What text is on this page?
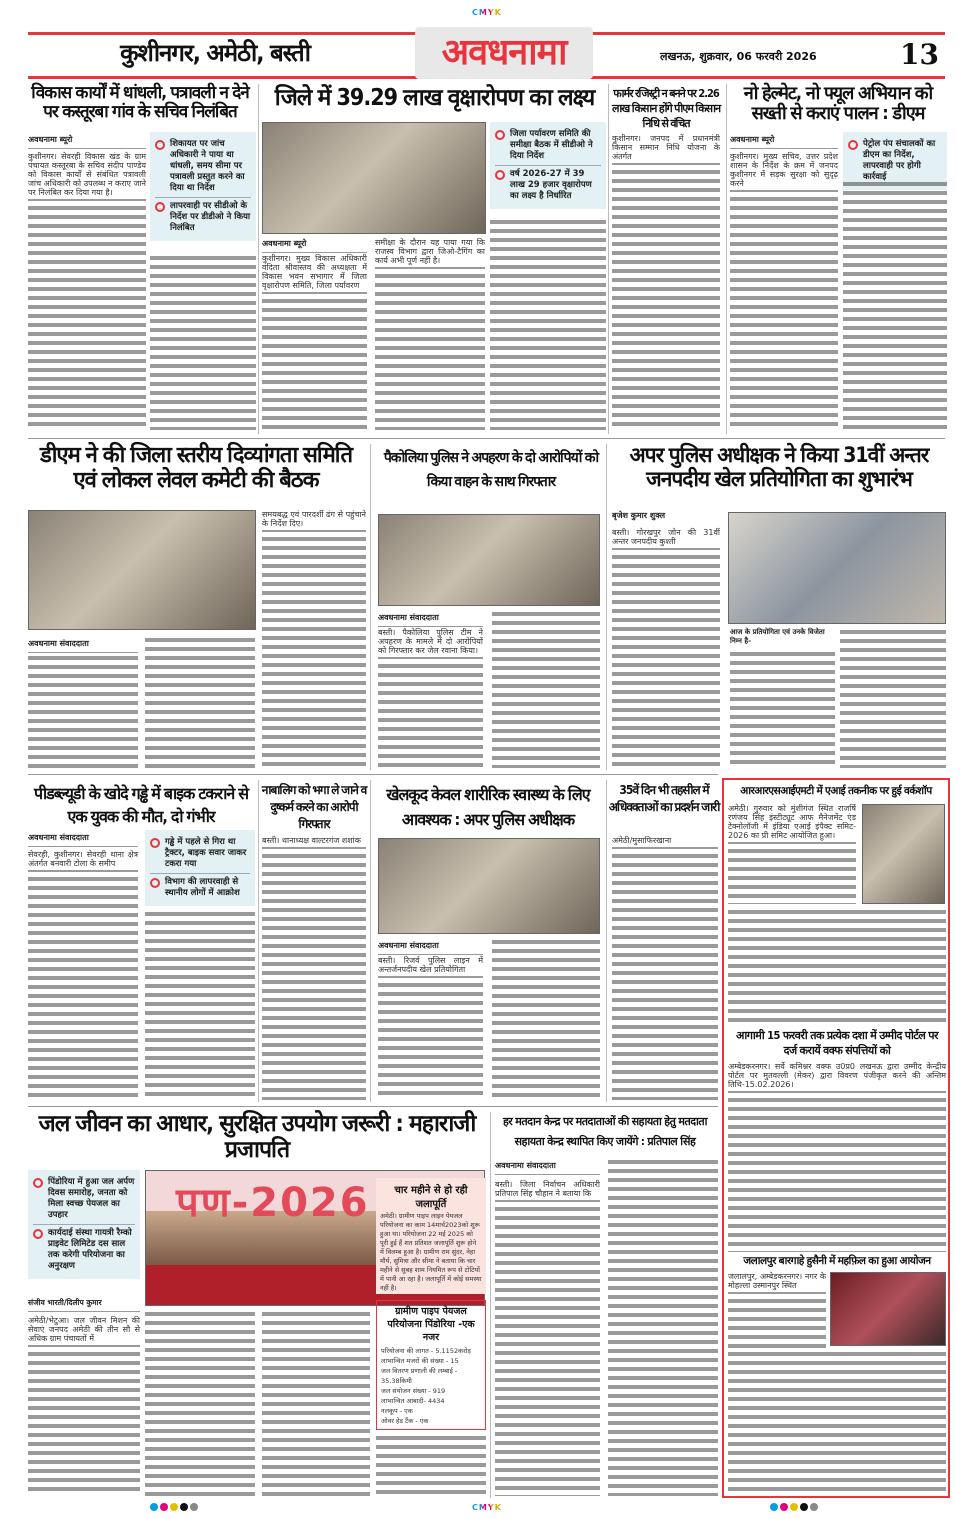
CMYK
कुशीनगर, अमेठी, बस्ती	अवधनामा	लखनऊ, शुक्रवार, 06 फरवरी 2026	13
विकास कार्यों में धांधली, पत्रावली न देने पर कस्तूरबा गांव के सचिव निलंबित
अवधनामा ब्यूरो
कुशीनगर। सेवरही विकास खंड के ग्राम पंचायत कस्तूरबा के सचिव संदीप पाण्डेय को विकास कार्यों से संबंधित पत्रावली जांच अधिकारी को उपलब्ध न कराए जाने पर निलंबित कर दिया गया है।
शिकायत पर जांच अधिकारी ने पाया था धांधली, समय सीमा पर पत्रावली प्रस्तुत करने का दिया था निर्देश
लापरवाही पर सीडीओ के निर्देश पर डीडीओ ने किया निलंबित
जिले में 39.29 लाख वृक्षारोपण का लक्ष्य
अवधनामा ब्यूरो
कुशीनगर। मुख्य विकास अधिकारी वंदिता श्रीवास्तव की अध्यक्षता में विकास भवन सभागार में जिला वृक्षारोपण समिति, जिला पर्यावरण
समीक्षा के दौरान यह पाया गया कि राजस्व विभाग द्वारा जिओ-टैगिंग का कार्य अभी पूर्ण नहीं है।
जिला पर्यावरण समिति की समीक्षा बैठक में सीडीओ ने दिया निर्देश
वर्ष 2026-27 में 39 लाख 29 हजार वृक्षारोपण का लक्ष्य है निर्धारित
फार्मर रजिस्ट्री न बनने पर 2.26 लाख किसान होंगे पीएम किसान निधि से वंचित
कुशीनगर। जनपद में प्रधानमंत्री किसान सम्मान निधि योजना के अंतर्गत
नो हेल्मेट, नो फ्यूल अभियान को सख्ती से कराएं पालन : डीएम
अवधनामा ब्यूरो
कुशीनगर। मुख्य सचिव, उत्तर प्रदेश शासन के निर्देश के क्रम में जनपद कुशीनगर में सड़क सुरक्षा को सुदृढ़ करने
पेट्रोल पंप संचालकों का डीएम का निर्देश, लापरवाही पर होगी कार्रवाई
डीएम ने की जिला स्तरीय दिव्यांगता समिति एवं लोकल लेवल कमेटी की बैठक
अवधनामा संवाददाता
समयबद्ध एवं पारदर्शी ढंग से पहुंचाने के निर्देश दिए।
पैकोलिया पुलिस ने अपहरण के दो आरोपियों को किया वाहन के साथ गिरफ्तार
अवधनामा संवाददाता
बस्ती। पैकोलिया पुलिस टीम ने अपहरण के मामले में दो आरोपियों को गिरफ्तार कर जेल रवाना किया।
अपर पुलिस अधीक्षक ने किया 31वीं अन्तर जनपदीय खेल प्रतियोगिता का शुभारंभ
बृजेश कुमार शुक्ल
बस्ती। गोरखपुर जोन की 31वीं अन्तर जनपदीय कुश्ती
आज के प्रतियोगिता एवं उनके विजेता निम्न है-
पीडब्ल्यूडी के खोदे गड्ढे में बाइक टकराने से एक युवक की मौत, दो गंभीर
अवधनामा संवाददाता
सेवरही, कुशीनगर। सेवरही थाना क्षेत्र अंतर्गत बनवारी टोला के समीप
गड्ढे में पहले से गिरा था ट्रैक्टर, बाइक सवार जाकर टकरा गया
विभाग की लापरवाही से स्थानीय लोगों में आक्रोश
नाबालिग को भगा ले जाने व दुष्कर्म करने का आरोपी गिरफ्तार
बस्ती। थानाध्यक्ष वाल्टरगंज शशांक
खेलकूद केवल शारीरिक स्वास्थ्य के लिए आवश्यक : अपर पुलिस अधीक्षक
अवधनामा संवाददाता
बस्ती। रिजर्व पुलिस लाइन में अन्तर्जनपदीय खेल प्रतियोगिता
35वें दिन भी तहसील में अधिवक्ताओं का प्रदर्शन जारी
अमेठी/मुसाफिरखाना
आरआरएसआईएमटी में एआई तकनीक पर हुई वर्कशॉप
अमेठी। गुरुवार को मुंशीगंज स्थित राजर्षि रणंजय सिंह इंस्टीट्यूट आफ मैनेजमेंट एंड टेक्नोलॉजी में इंडिया एआई इंपैक्ट समिट- 2026 का प्री समिट आयोजित हुआ।
आगामी 15 फरवरी तक प्रत्येक दशा में उम्मीद पोर्टल पर दर्ज करायें वक्फ संपत्तियों को
अम्बेडकरनगर। सर्वे कमिश्नर वक्फ उ0प्र0 लखनऊ द्वारा उम्मीद केन्द्रीय पोर्टल पर मुतवल्ली (मेकर) द्वारा विवरण पंजीकृत करने की अन्तिम तिथि-15.02.2026।
जलालपुर बारगाहे हुसैनी में महफ़िल का हुआ आयोजन
जलालपुर, अम्बेडकरनगर। नगर के मोहल्ला उस्मानपुर स्थित
जल जीवन का आधार, सुरक्षित उपयोग जरूरी : महाराजी प्रजापति
पिंडोरिया में हुआ जल अर्पण दिवस समारोह, जनता को मिला स्वच्छ पेयजल का उपहार
कार्यदाई संस्था गायत्री रैम्को प्राइवेट लिमिटेड दस साल तक करेगी परियोजना का अनुरक्षण
संजीव भारती/दिलीप कुमार
पण-2026
अमेठी/भेटुआ। जल जीवन मिशन की सेवाएं जनपद अमेठी की तीन सौ से अधिक ग्राम पंचायतों में
चार महीने से हो रही जलापूर्ति
अमेठी। ग्रामीण पाइप लाइन पेयजल परियोजना का काम 14मार्च2023को शुरू हुआ था। परियोजना 22 मई 2025 को पूरी हुई हैं शत प्रतिशत जलापूर्ति शुरू होने में विलम्ब हुआ है। ग्रामीण राम सुंदर, नेहा मौर्य, सुमित्रा और सीमा ने बताया कि चार महीने से सुबह शाम नियमित रूप से टोटियों में पानी आ रहा है। जलापूर्ति में कोई समस्या नहीं है।
ग्रामीण पाइप पेयजल परियोजना पिंडोरिया -एक नजर
परियोजना की लागत - 5.1152करोड़
लाभान्वित मजरों की संख्या - 15
जल वितरण प्रणाली की लम्बाई - 35.38किमी
जल संयोजन संख्या - 919
लाभान्वित आबादी- 4434
नलकूप - एक
ओवर हेड टैंक - एक
हर मतदान केन्द्र पर मतदाताओं की सहायता हेतु मतदाता सहायता केन्द्र स्थापित किए जायेंगे : प्रतिपाल सिंह
अवधनामा संवाददाता
बस्ती। जिला निर्वाचन अधिकारी प्रतिपाल सिंह चौहान ने बताया कि
CMYK
